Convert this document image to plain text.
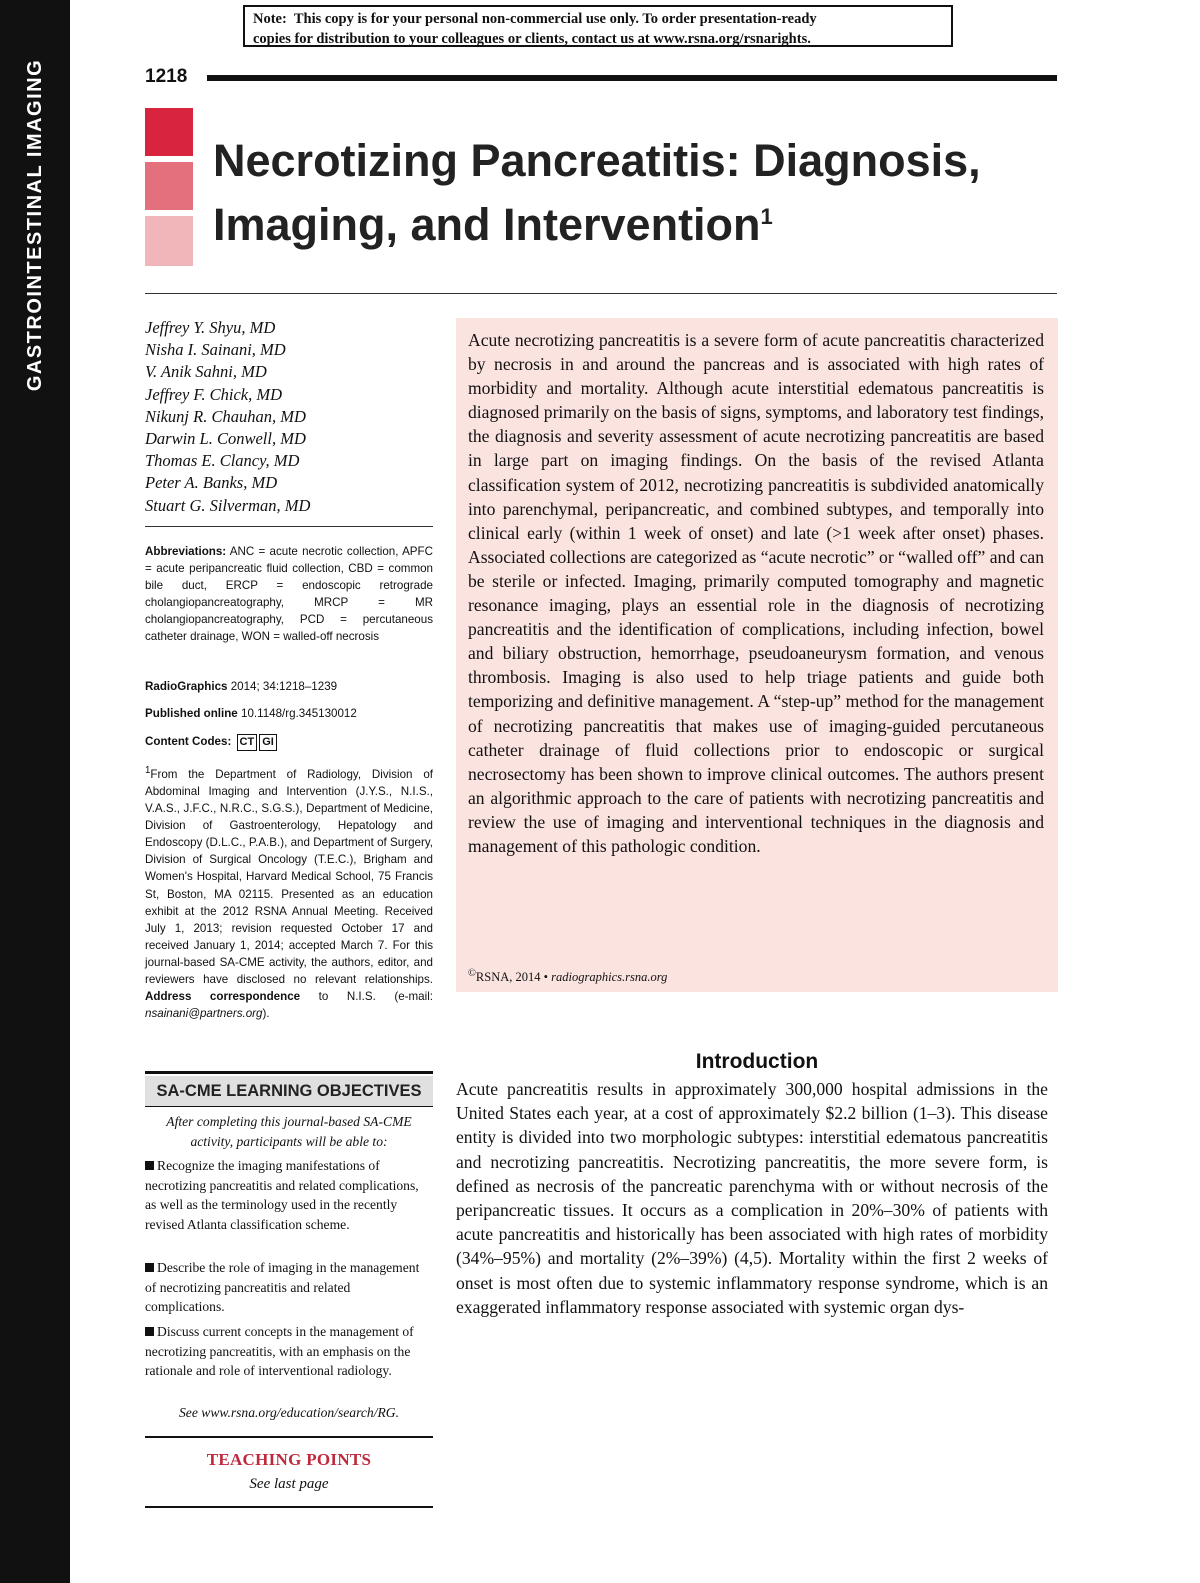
GASTROINTESTINAL IMAGING
Note: This copy is for your personal non-commercial use only. To order presentation-ready
copies for distribution to your colleagues or clients, contact us at www.rsna.org/rsnarights.
1218
Necrotizing Pancreatitis: Diagnosis,
Imaging, and Intervention$^1$
Jeffrey Y. Shyu, MD
Nisha I. Sainani, MD
V. Anik Sahni, MD
Jeffrey F. Chick, MD
Nikunj R. Chauhan, MD
Darwin L. Conwell, MD
Thomas E. Clancy, MD
Peter A. Banks, MD
Stuart G. Silverman, MD
Abbreviations: ANC = acute necrotic collection, APFC = acute peripancreatic fluid collection, CBD = common bile duct, ERCP = endoscopic retrograde cholangiopancreatography, MRCP = MR cholangiopancreatography, PCD = percutaneous catheter drainage, WON = walled-off necrosis
RadioGraphics 2014; 34:1218–1239
Published online 10.1148/rg.345130012
Content Codes: CT GI
$^1$From the Department of Radiology, Division of Abdominal Imaging and Intervention (J.Y.S., N.I.S., V.A.S., J.F.C., N.R.C., S.G.S.), Department of Medicine, Division of Gastroenterology, Hepatology and Endoscopy (D.L.C., P.A.B.), and Department of Surgery, Division of Surgical Oncology (T.E.C.), Brigham and Women's Hospital, Harvard Medical School, 75 Francis St, Boston, MA 02115. Presented as an education exhibit at the 2012 RSNA Annual Meeting. Received July 1, 2013; revision requested October 17 and received January 1, 2014; accepted March 7. For this journal-based SA-CME activity, the authors, editor, and reviewers have disclosed no relevant relationships. Address correspondence to N.I.S. (e-mail: nsainani@partners.org).
SA-CME LEARNING OBJECTIVES
After completing this journal-based SA-CME activity, participants will be able to:
Recognize the imaging manifestations of necrotizing pancreatitis and related complications, as well as the terminology used in the recently revised Atlanta classification scheme.
Describe the role of imaging in the management of necrotizing pancreatitis and related complications.
Discuss current concepts in the management of necrotizing pancreatitis, with an emphasis on the rationale and role of interventional radiology.
See www.rsna.org/education/search/RG.
TEACHING POINTS
See last page
Acute necrotizing pancreatitis is a severe form of acute pancreatitis characterized by necrosis in and around the pancreas and is associated with high rates of morbidity and mortality. Although acute interstitial edematous pancreatitis is diagnosed primarily on the basis of signs, symptoms, and laboratory test findings, the diagnosis and severity assessment of acute necrotizing pancreatitis are based in large part on imaging findings. On the basis of the revised Atlanta classification system of 2012, necrotizing pancreatitis is subdivided anatomically into parenchymal, peripancreatic, and combined subtypes, and temporally into clinical early (within 1 week of onset) and late (>1 week after onset) phases. Associated collections are categorized as “acute necrotic” or “walled off” and can be sterile or infected. Imaging, primarily computed tomography and magnetic resonance imaging, plays an essential role in the diagnosis of necrotizing pancreatitis and the identification of complications, including infection, bowel and biliary obstruction, hemorrhage, pseudoaneurysm formation, and venous thrombosis. Imaging is also used to help triage patients and guide both temporizing and definitive management. A “step-up” method for the management of necrotizing pancreatitis that makes use of imaging-guided percutaneous catheter drainage of fluid collections prior to endoscopic or surgical necrosectomy has been shown to improve clinical outcomes. The authors present an algorithmic approach to the care of patients with necrotizing pancreatitis and review the use of imaging and interventional techniques in the diagnosis and management of this pathologic condition.
©RSNA, 2014 • radiographics.rsna.org
Introduction
Acute pancreatitis results in approximately 300,000 hospital admissions in the United States each year, at a cost of approximately $2.2 billion (1–3). This disease entity is divided into two morphologic subtypes: interstitial edematous pancreatitis and necrotizing pancreatitis. Necrotizing pancreatitis, the more severe form, is defined as necrosis of the pancreatic parenchyma with or without necrosis of the peripancreatic tissues. It occurs as a complication in 20%–30% of patients with acute pancreatitis and historically has been associated with high rates of morbidity (34%–95%) and mortality (2%–39%) (4,5). Mortality within the first 2 weeks of onset is most often due to systemic inflammatory response syndrome, which is an exaggerated inflammatory response associated with systemic organ dys-
